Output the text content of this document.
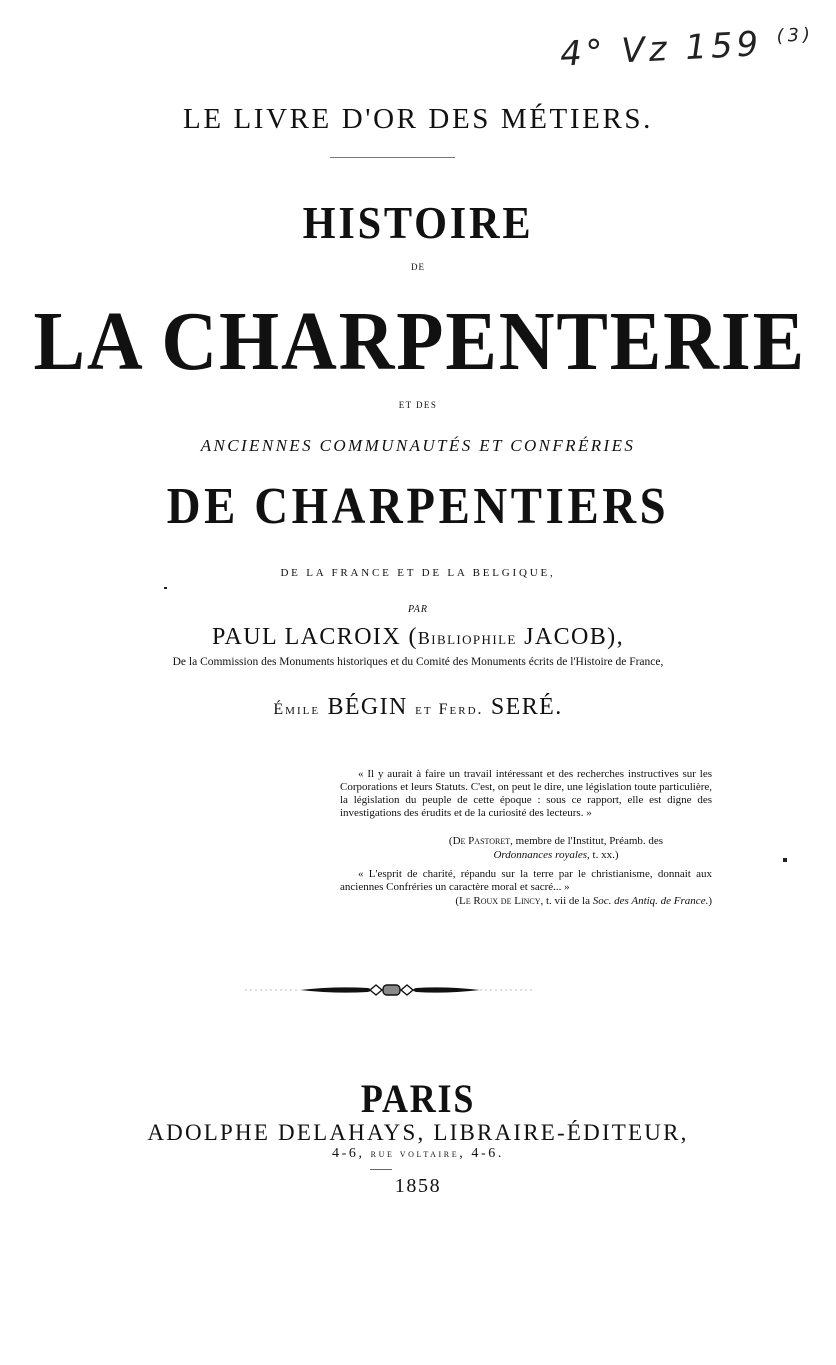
4° Vz 159 $^{(3)}$
LE LIVRE D'OR DES MÉTIERS.
HISTOIRE
DE
LA CHARPENTERIE
ET DES
ANCIENNES COMMUNAUTÉS ET CONFRÉRIES
DE CHARPENTIERS
DE LA FRANCE ET DE LA BELGIQUE,
PAR
PAUL LACROIX (Bibliophile JACOB),
De la Commission des Monuments historiques et du Comité des Monuments écrits de l'Histoire de France,
Émile BÉGIN et Ferd. SERÉ.
« Il y aurait à faire un travail intéressant et des recherches instructives sur les Corporations et leurs Statuts. C'est, on peut le dire, une législation toute particulière, la législation du peuple de cette époque : sous ce rapport, elle est digne des investigations des érudits et de la curiosité des lecteurs. »
(De Pastoret, membre de l'Institut, Préamb. des
Ordonnances royales, t. xx.)
« L'esprit de charité, répandu sur la terre par le christianisme, donnait aux anciennes Confréries un caractère moral et sacré... »
(Le Roux de Lincy, t. vii de la Soc. des Antiq. de France.)
PARIS
ADOLPHE DELAHAYS, LIBRAIRE-ÉDITEUR,
4-6, rue voltaire, 4-6.
1858
